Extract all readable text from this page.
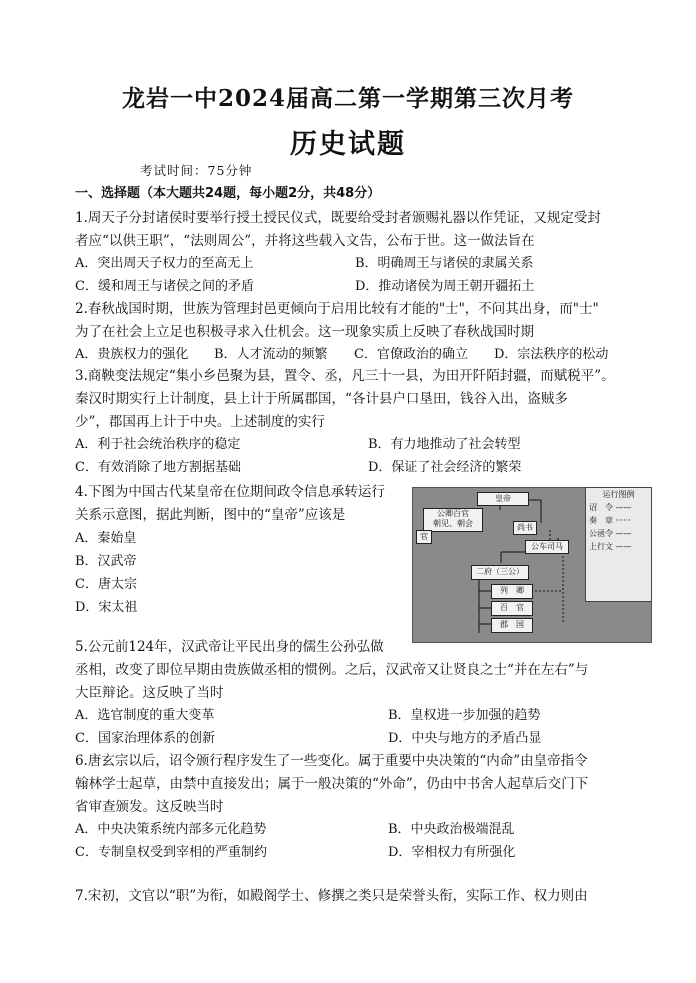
龙岩一中2024届高二第一学期第三次月考
历史试题
考试时间：75分钟
一、选择题（本大题共24题，每小题2分，共48分）
1.周天子分封诸侯时要举行授土授民仪式，既要给受封者颁赐礼器以作凭证，又规定受封
者应“以供王职”，“法则周公”，并将这些载入文告，公布于世。这一做法旨在
A．突出周天子权力的至高无上	B．明确周王与诸侯的隶属关系
C．缓和周王与诸侯之间的矛盾	D．推动诸侯为周王朝开疆拓土
2.春秋战国时期，世族为管理封邑更倾向于启用比较有才能的"士"，不问其出身，而"士"
为了在社会上立足也积极寻求入仕机会。这一现象实质上反映了春秋战国时期
A．贵族权力的强化 B．人才流动的频繁 C．官僚政治的确立 D．宗法秩序的松动
3.商鞅变法规定“集小乡邑聚为县，置令、丞，凡三十一县，为田开阡陌封疆，而赋税平”。
秦汉时期实行上计制度，县上计于所属郡国，“各计县户口垦田，钱谷入出，盗贼多
少”，郡国再上计于中央。上述制度的实行
A．利于社会统治秩序的稳定	B．有力地推动了社会转型
C．有效消除了地方割据基础	D．保证了社会经济的繁荣
4.下图为中国古代某皇帝在位期间政令信息承转运行
关系示意图，据此判断，图中的“皇帝”应该是
A．秦始皇
B．汉武帝
C．唐太宗
D．宋太祖
皇帝
公卿百官
朝见、朝会
官
尚书
公车司马
二府（三公）
列　卿
百　官
郡　国
运行图例
诏　令 ——
奏　章 ······
公函令 ——
上行文 ——
5.公元前124年，汉武帝让平民出身的儒生公孙弘做
丞相，改变了即位早期由贵族做丞相的惯例。之后，汉武帝又让贤良之士“并在左右”与
大臣辩论。这反映了当时
A．选官制度的重大变革	B．皇权进一步加强的趋势
C．国家治理体系的创新	D．中央与地方的矛盾凸显
6.唐玄宗以后，诏令颁行程序发生了一些变化。属于重要中央决策的“内命”由皇帝指令
翰林学士起草，由禁中直接发出；属于一般决策的“外命”，仍由中书舍人起草后交门下
省审查颁发。这反映当时
A．中央决策系统内部多元化趋势	B．中央政治极端混乱
C．专制皇权受到宰相的严重制约	D．宰相权力有所强化
7.宋初，文官以“职”为衔，如殿阁学士、修撰之类只是荣誉头衔，实际工作、权力则由
